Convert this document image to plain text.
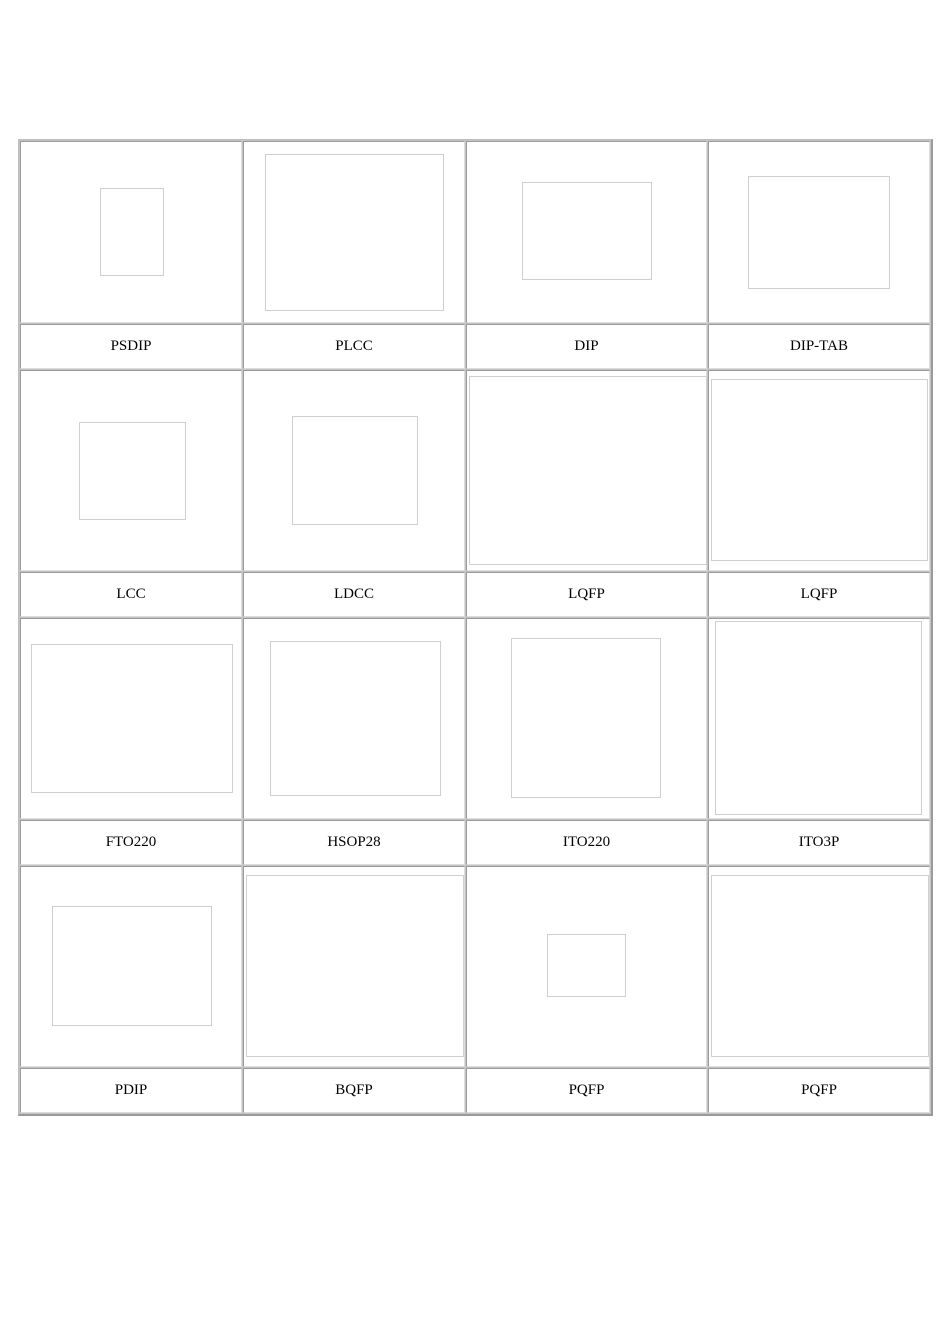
PSDIP	PLCC	DIP	DIP-TAB

LCC	LDCC	LQFP	LQFP

FTO220	HSOP28	ITO220	ITO3P

PDIP	BQFP	PQFP	PQFP
